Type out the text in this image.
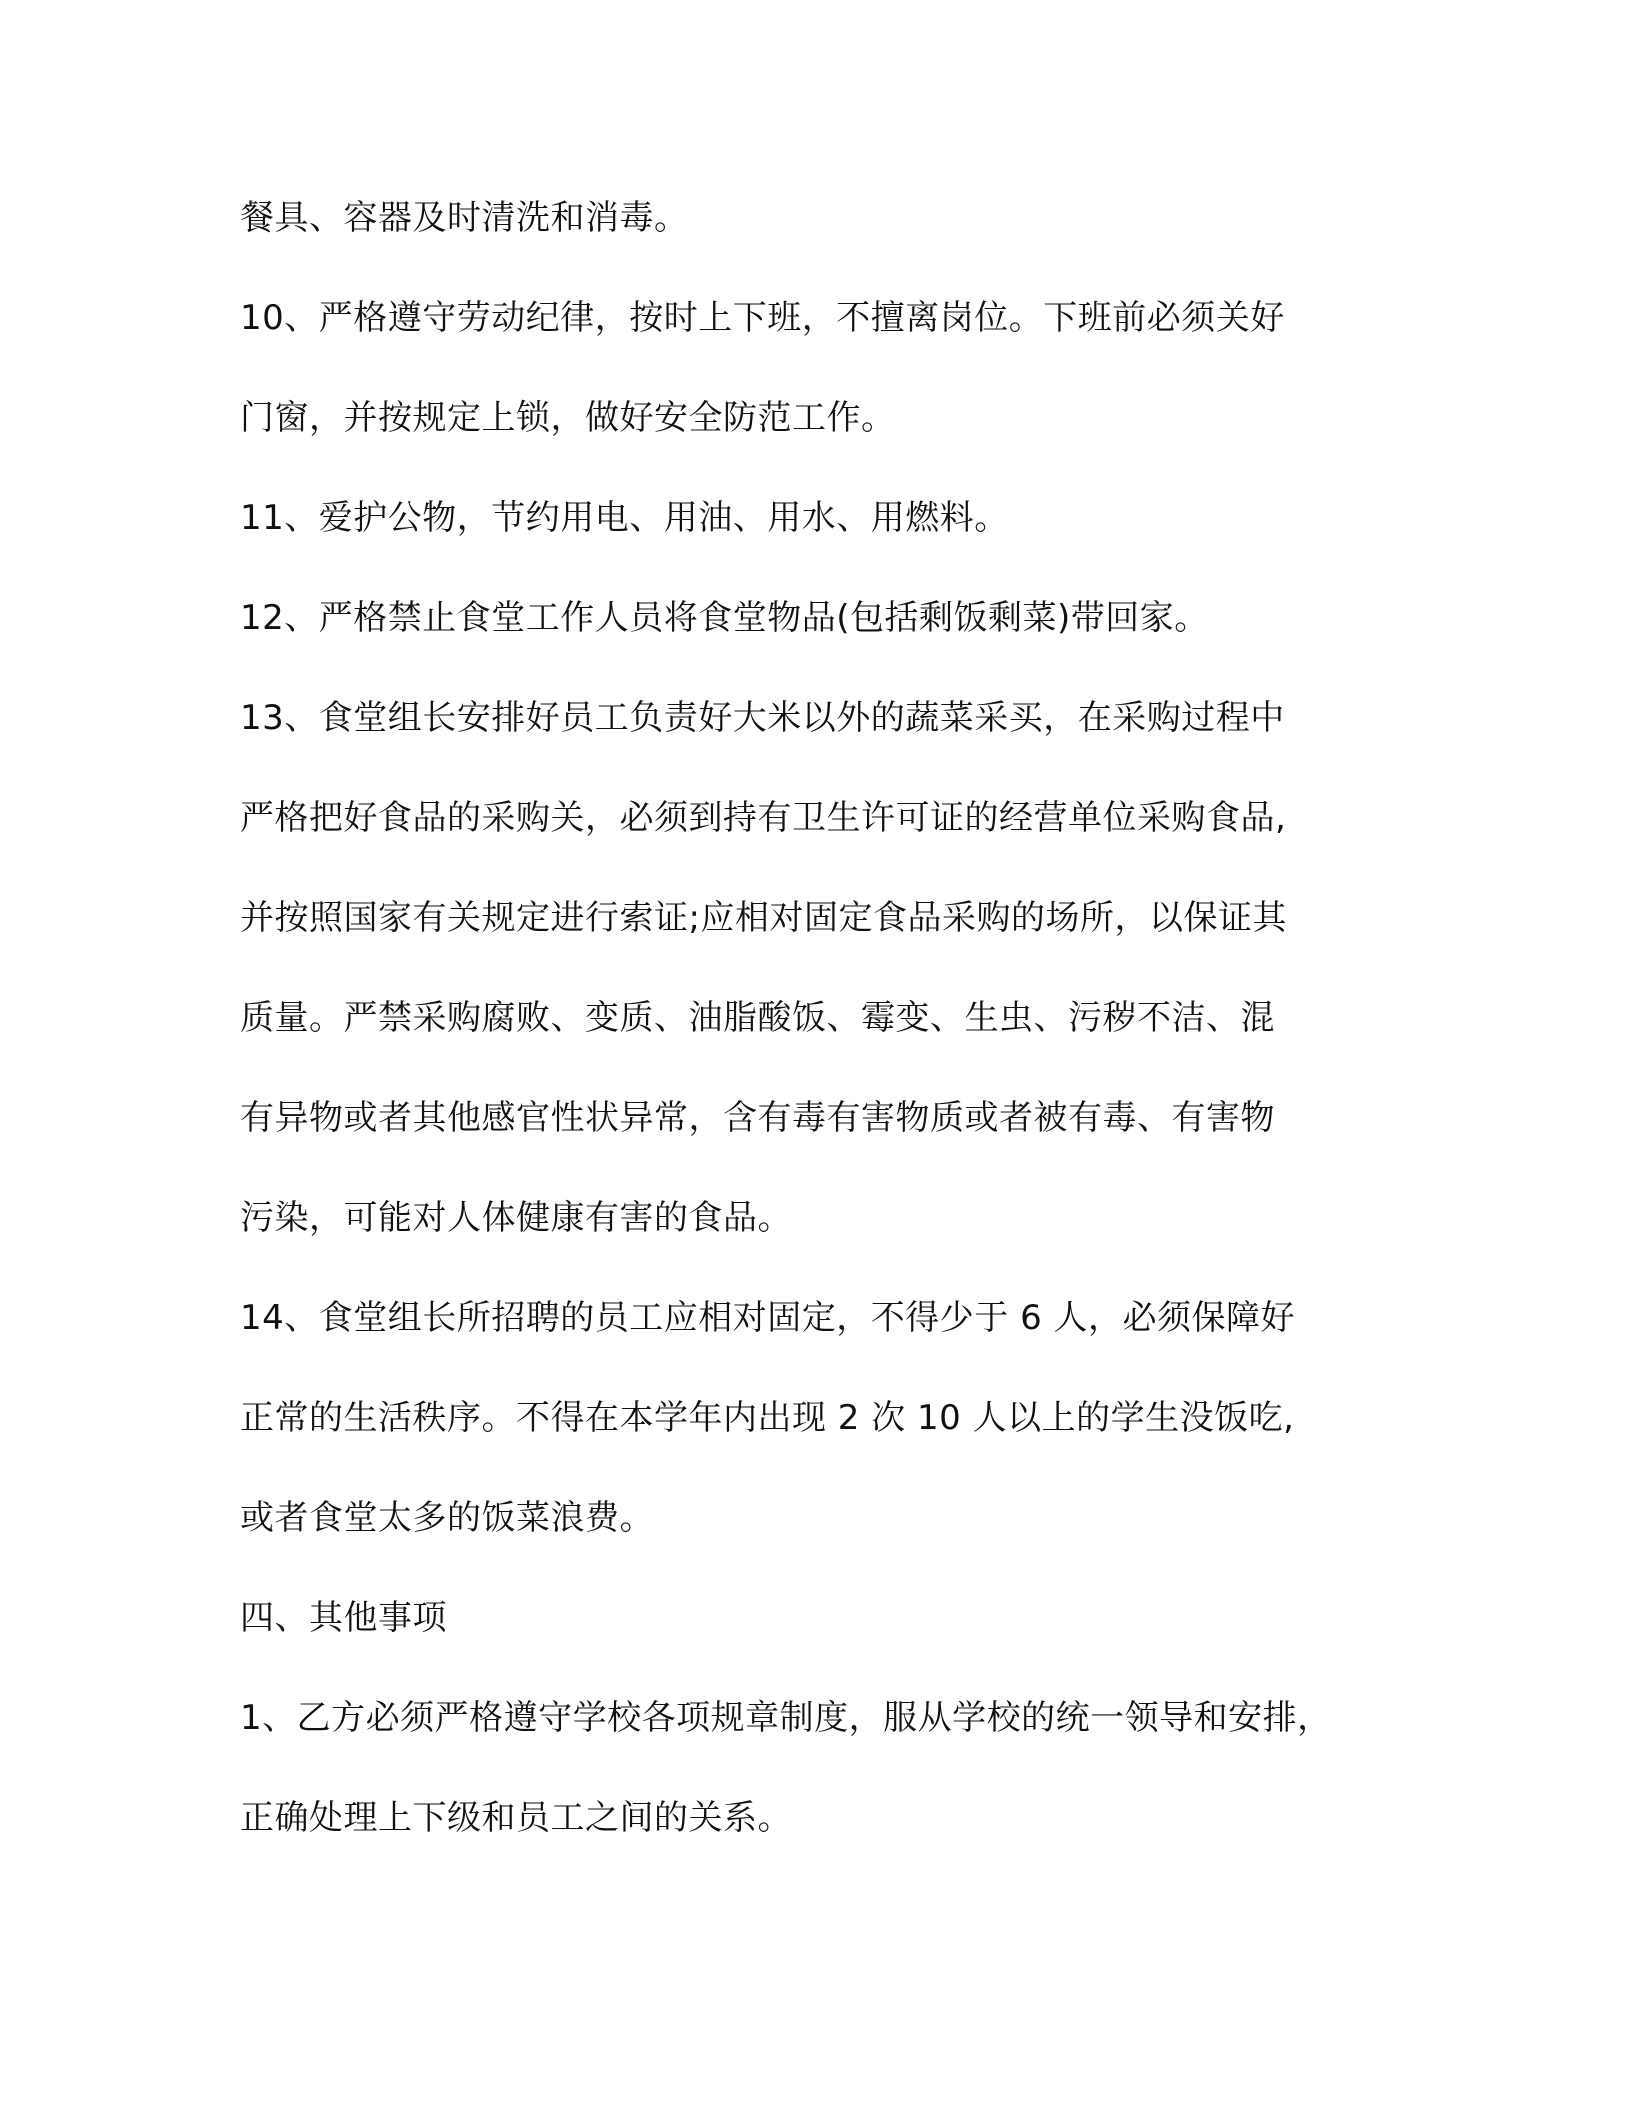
餐具、容器及时清洗和消毒。
10、严格遵守劳动纪律，按时上下班，不擅离岗位。下班前必须关好
门窗，并按规定上锁，做好安全防范工作。
11、爱护公物，节约用电、用油、用水、用燃料。
12、严格禁止食堂工作人员将食堂物品(包括剩饭剩菜)带回家。
13、食堂组长安排好员工负责好大米以外的蔬菜采买，在采购过程中
严格把好食品的采购关，必须到持有卫生许可证的经营单位采购食品,
并按照国家有关规定进行索证;应相对固定食品采购的场所，以保证其
质量。严禁采购腐败、变质、油脂酸饭、霉变、生虫、污秽不洁、混
有异物或者其他感官性状异常，含有毒有害物质或者被有毒、有害物
污染，可能对人体健康有害的食品。
14、食堂组长所招聘的员工应相对固定，不得少于 6 人，必须保障好
正常的生活秩序。不得在本学年内出现 2 次 10 人以上的学生没饭吃,
或者食堂太多的饭菜浪费。
四、其他事项
1、乙方必须严格遵守学校各项规章制度，服从学校的统一领导和安排，
正确处理上下级和员工之间的关系。
